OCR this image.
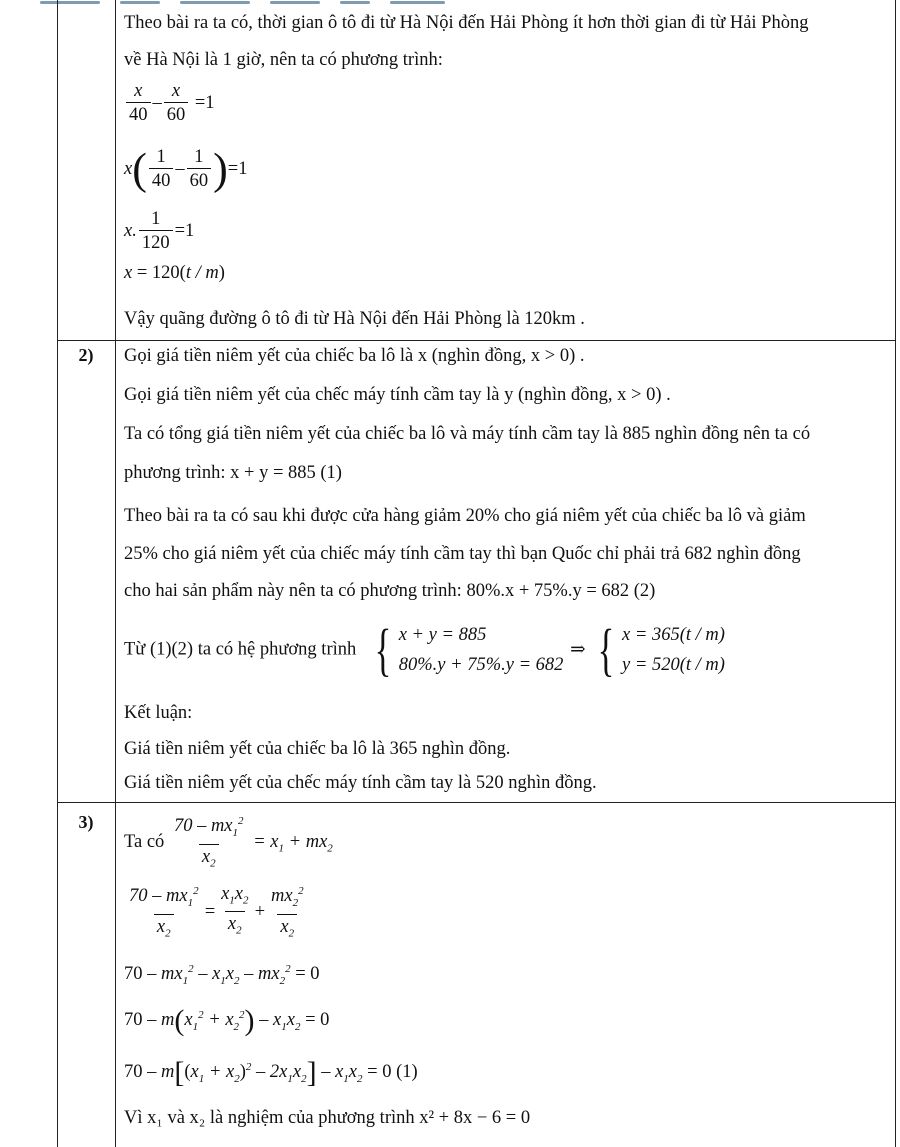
Theo bài ra ta có, thời gian ô tô đi từ Hà Nội đến Hải Phòng ít hơn thời gian đi từ Hải Phòng
về Hà Nội là 1 giờ, nên ta có phương trình:
$\frac{x}{40} - \frac{x}{60} =1$
$x( \frac{1}{40} - \frac{1}{60} )=1$
x. $\frac{1}{120} =1$
x = 120(t / m)
Vậy quãng đường ô tô đi từ Hà Nội đến Hải Phòng là 120km .
2)	Gọi giá tiền niêm yết của chiếc ba lô là x (nghìn đồng, x > 0) .
Gọi giá tiền niêm yết của chếc máy tính cầm tay là y (nghìn đồng, x > 0) .
Ta có tổng giá tiền niêm yết của chiếc ba lô và máy tính cầm tay là 885 nghìn đồng nên ta có
phương trình: x + y = 885 (1)
Theo bài ra ta có sau khi được cửa hàng giảm 20% cho giá niêm yết của chiếc ba lô và giảm
25% cho giá niêm yết của chiếc máy tính cầm tay thì bạn Quốc chỉ phải trả 682 nghìn đồng
cho hai sản phẩm này nên ta có phương trình: 80%.x + 75%.y = 682 (2)
Từ (1)(2) ta có hệ phương trình { x + y = 885
80%.y + 75%.y = 682
⇒ { x = 365(t / m)
y = 520(t / m)
Kết luận:
Giá tiền niêm yết của chiếc ba lô là 365 nghìn đồng.
Giá tiền niêm yết của chếc máy tính cầm tay là 520 nghìn đồng.
3)
Ta có $\frac{70 - mx_1^2}{x_2} = x_1 + mx_2$
$\frac{70 - mx_1^2}{x_2} = \frac{x_1x_2}{x_2} + \frac{mx_2^2}{x_2}$
$70 - mx_1^2 - x_1x_2 - mx_2^2 = 0$
$70 - m(x_1^2 + x_2^2) - x_1x_2 = 0$
$70 - m[(x_1 + x_2)^2 - 2x_1x_2] - x_1x_2 = 0$ (1)
Vì x₁ và x₂ là nghiệm của phương trình x² + 8x − 6 = 0
